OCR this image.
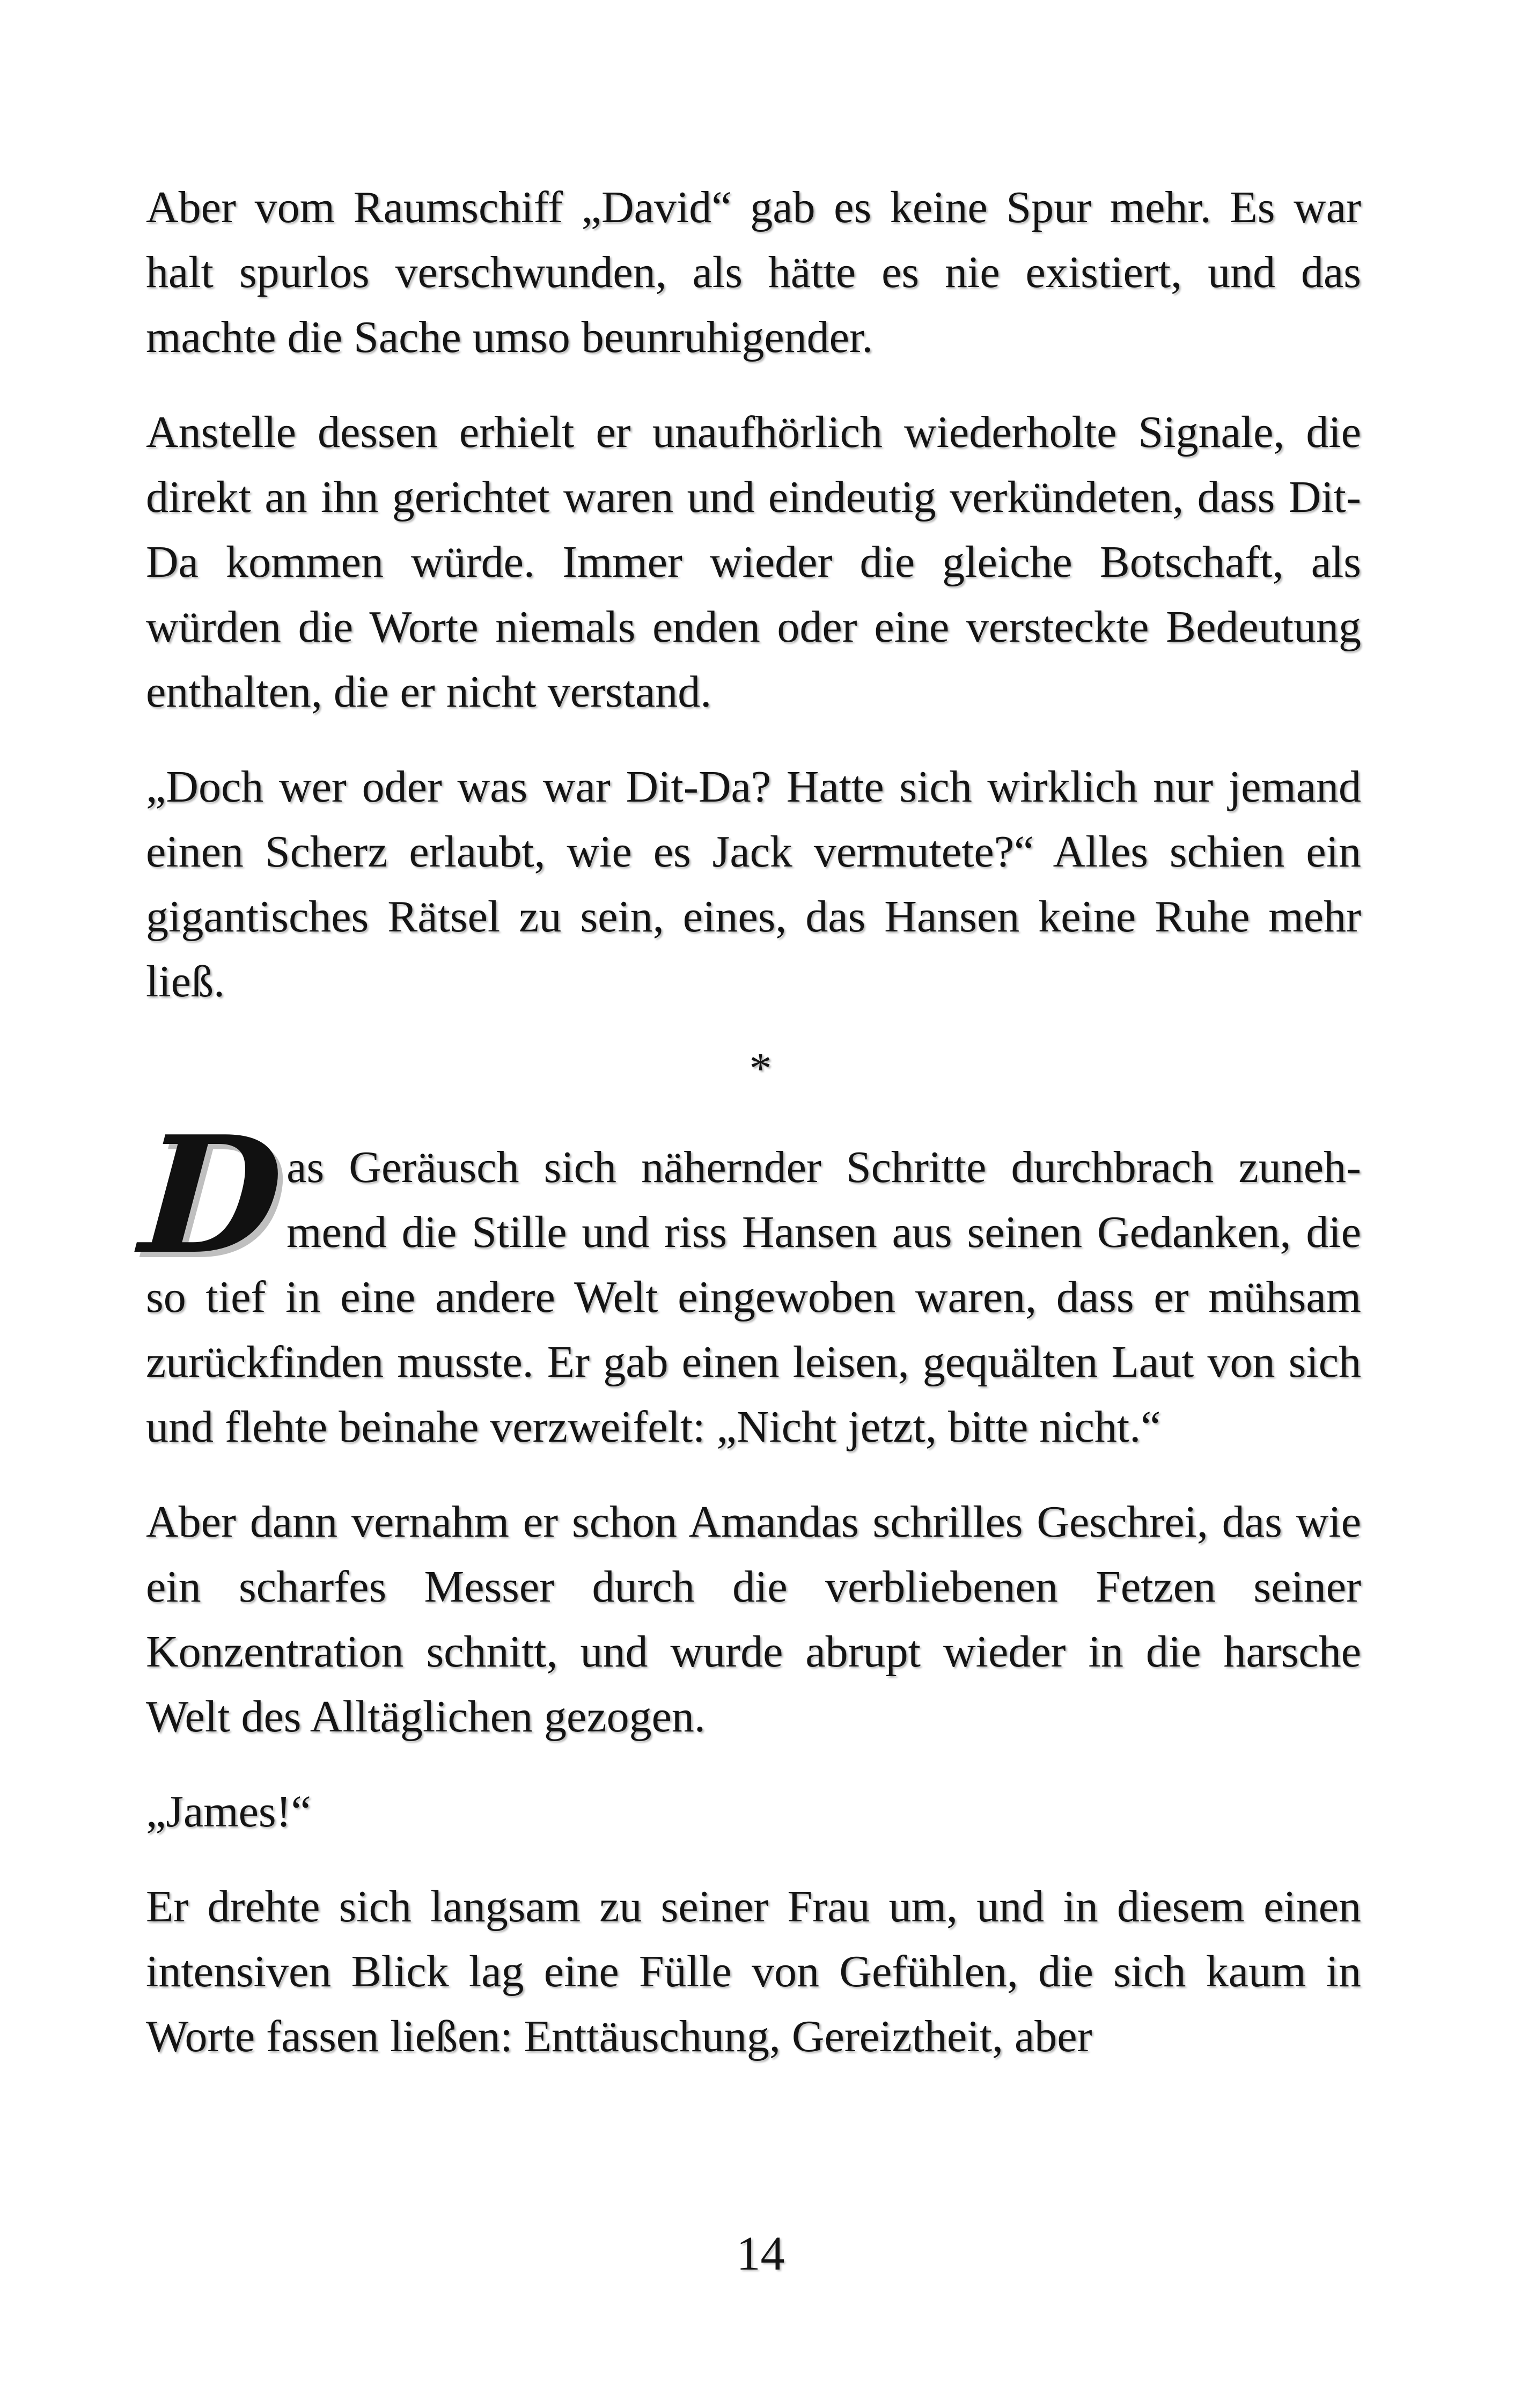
Aber vom Raumschiff „David“ gab es keine Spur mehr. Es war halt spurlos verschwunden, als hätte es nie existiert, und das machte die Sache umso beunruhigender.

Anstelle dessen erhielt er unaufhörlich wiederholte Signale, die direkt an ihn gerichtet waren und eindeutig verkündeten, dass Dit-Da kommen würde. Immer wieder die gleiche Botschaft, als würden die Worte niemals enden oder eine versteckte Bedeutung enthalten, die er nicht verstand.

„Doch wer oder was war Dit-Da? Hatte sich wirklich nur jemand einen Scherz erlaubt, wie es Jack vermutete?“ Alles schien ein gigantisches Rätsel zu sein, eines, das Hansen keine Ruhe mehr ließ.

*

D
as Geräusch sich nähernder Schritte durchbrach zunehmend die Stille und riss Hansen aus seinen Gedanken, die so tief in eine andere Welt eingewoben waren, dass er mühsam zurückfinden musste. Er gab einen leisen, gequälten Laut von sich und flehte beinahe verzweifelt: „Nicht jetzt, bitte nicht.“

Aber dann vernahm er schon Amandas schrilles Geschrei, das wie ein scharfes Messer durch die verbliebenen Fetzen seiner Konzentration schnitt, und wurde abrupt wieder in die harsche Welt des Alltäglichen gezogen.

„James!“

Er drehte sich langsam zu seiner Frau um, und in diesem einen intensiven Blick lag eine Fülle von Gefühlen, die sich kaum in Worte fassen ließen: Enttäuschung, Gereiztheit, aber

14
